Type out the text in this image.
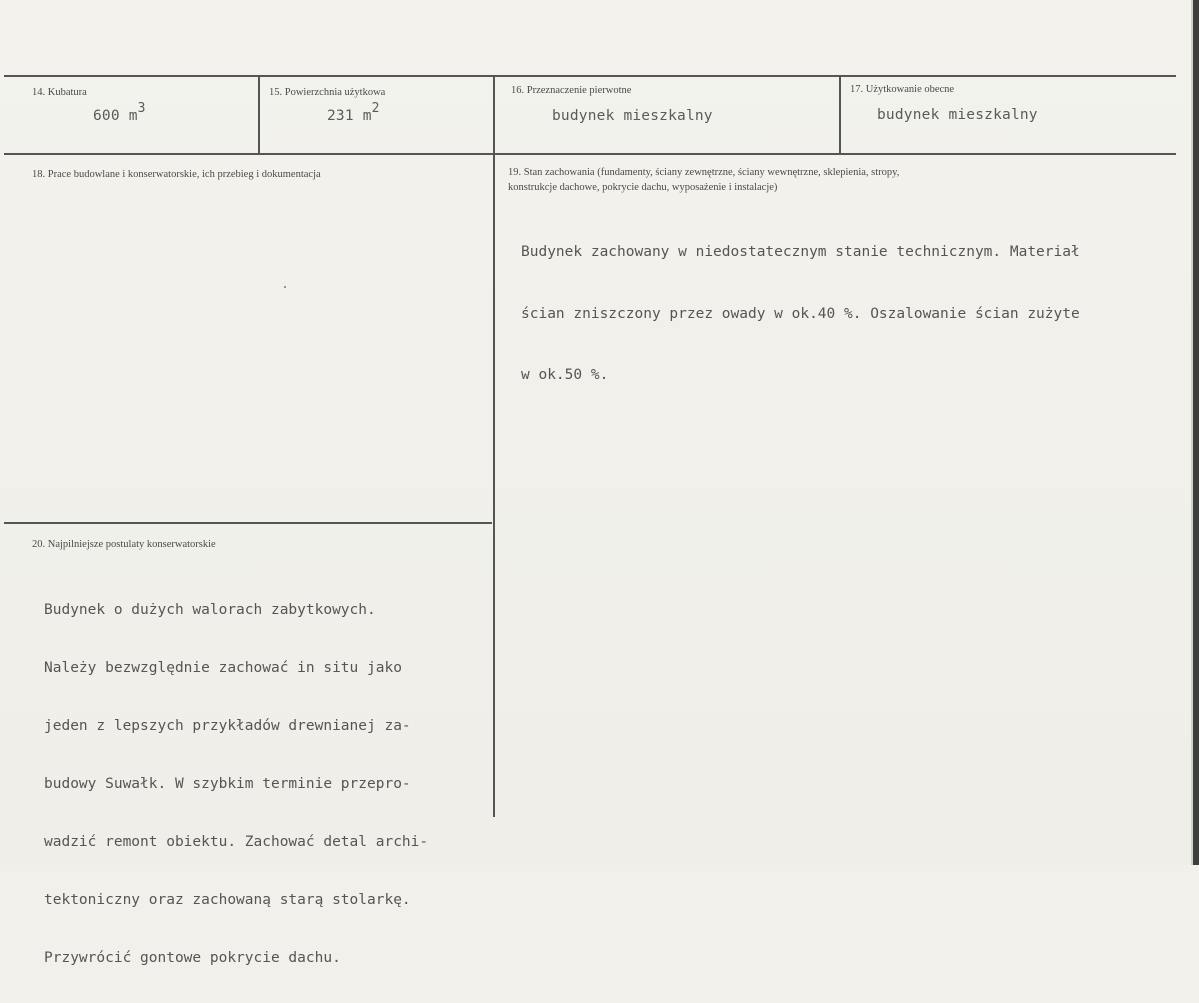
14. Kubatura
600 m3
15. Powierzchnia użytkowa
231 m2
16. Przeznaczenie pierwotne
budynek mieszkalny
17. Użytkowanie obecne
budynek mieszkalny
18. Prace budowlane i konserwatorskie, ich przebieg i dokumentacja	19. Stan zachowania (fundamenty, ściany zewnętrzne, ściany wewnętrzne, sklepienia, stropy,
konstrukcje dachowe, pokrycie dachu, wyposażenie i instalacje)

Budynek zachowany w niedostatecznym stanie technicznym. Materiał

ścian zniszczony przez owady w ok.40 %. Oszalowanie ścian zużyte

w ok.50 %.

20. Najpilniejsze postulaty konserwatorskie

Budynek o dużych walorach zabytkowych.

Należy bezwzględnie zachować in situ jako

jeden z lepszych przykładów drewnianej za-

budowy Suwałk. W szybkim terminie przepro-

wadzić remont obiektu. Zachować detal archi-

tektoniczny oraz zachowaną starą stolarkę.

Przywrócić gontowe pokrycie dachu.
